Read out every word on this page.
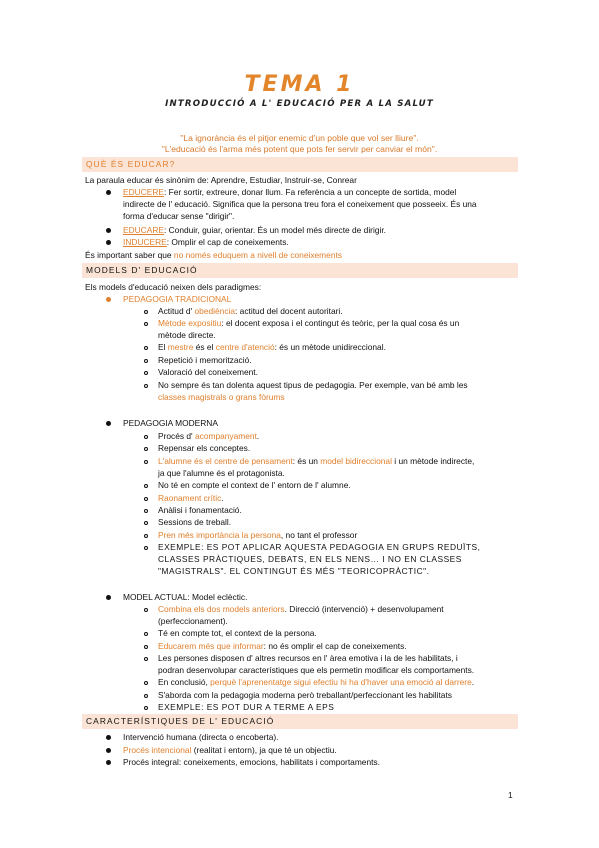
TEMA 1
INTRODUCCIÓ A L' EDUCACIÓ PER A LA SALUT
"La ignorància és el pitjor enemic d'un poble que vol ser lliure".
"L'educació és l'arma més potent que pots fer servir per canviar el món".
QUÈ ÉS EDUCAR?
La paraula educar és sinònim de: Aprendre, Estudiar, Instruir-se, Conrear
EDUCERE: Fer sortir, extreure, donar llum. Fa referència a un concepte de sortida, model
indirecte de l' educació. Significa que la persona treu fora el coneixement que posseeix. És una
forma d'educar sense "dirigir".
EDUCARE: Conduir, guiar, orientar. És un model més directe de dirigir.
INDUCERE: Omplir el cap de coneixements.
És important saber que no només eduquem a nivell de coneixements
MODELS D' EDUCACIÓ
Els models d'educació neixen dels paradigmes:
PEDAGOGIA TRADICIONAL
Actitud d' obediència: actitud del docent autoritari.
Mètode expositiu: el docent exposa i el contingut és teòric, per la qual cosa és un
mètode directe.
El mestre és el centre d'atenció: és un mètode unidireccional.
Repetició i memorització.
Valoració del coneixement.
No sempre és tan dolenta aquest tipus de pedagogia. Per exemple, van bé amb les
classes magistrals o grans fòrums
PEDAGOGIA MODERNA
Procés d' acompanyament.
Repensar els conceptes.
L'alumne és el centre de pensament: és un model bidireccional i un mètode indirecte,
ja que l'alumne és el protagonista.
No té en compte el context de l' entorn de l' alumne.
Raonament crític.
Anàlisi i fonamentació.
Sessions de treball.
Pren més importància la persona, no tant el professor
EXEMPLE: ES POT APLICAR AQUESTA PEDAGOGIA EN GRUPS REDUÏTS,
CLASSES PRÀCTIQUES, DEBATS, EN ELS NENS… I NO EN CLASSES
"MAGISTRALS". EL CONTINGUT ÉS MÉS "TEORICOPRÀCTIC".
MODEL ACTUAL: Model eclèctic.
Combina els dos models anteriors. Direcció (intervenció) + desenvolupament
(perfeccionament).
Té en compte tot, el context de la persona.
Educarem més que informar: no és omplir el cap de coneixements.
Les persones disposen d' altres recursos en l' àrea emotiva i la de les habilitats, i
podran desenvolupar característiques que els permetin modificar els comportaments.
En conclusió, perquè l'aprenentatge sigui efectiu hi ha d'haver una emoció al darrere.
S'aborda com la pedagogia moderna però treballant/perfeccionant les habilitats
EXEMPLE: ES POT DUR A TERME A EPS
CARACTERÍSTIQUES DE L' EDUCACIÓ
Intervenció humana (directa o encoberta).
Procés intencional (realitat i entorn), ja que té un objectiu.
Procés integral: coneixements, emocions, habilitats i comportaments.
1
